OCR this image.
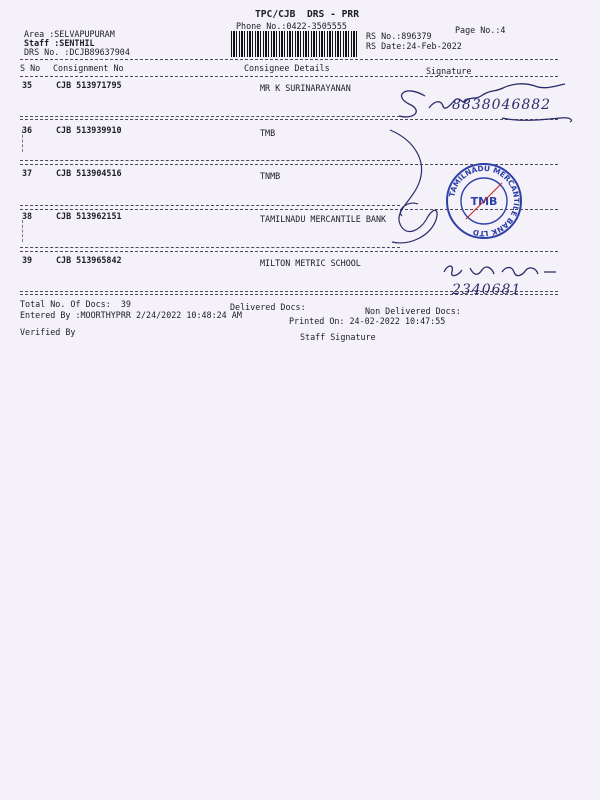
TPC/CJB  DRS - PRR
Phone No.:0422-3505555
Area :SELVAPUPURAM
Staff :SENTHIL
DRS No. :DCJB89637904
RS No.:896379
RS Date:24-Feb-2022
Page No.:4
S No Consignment No	Consignee Details	Signature
35	CJB 513971795	MR K SURINARAYANAN
36	CJB 513939910	TMB
37	CJB 513904516	TNMB
38	CJB 513962151	TAMILNADU MERCANTILE BANK
39	CJB 513965842	MILTON METRIC SCHOOL
8838046882
TAMILNADU MERCANTILE BANK LTD
TMB
2340681
Total No. Of Docs:  39	Delivered Docs:	Non Delivered Docs:
Entered By :MOORTHYPRR 2/24/2022 10:48:24 AM
Printed On: 24-02-2022 10:47:55
Verified By	Staff Signature
